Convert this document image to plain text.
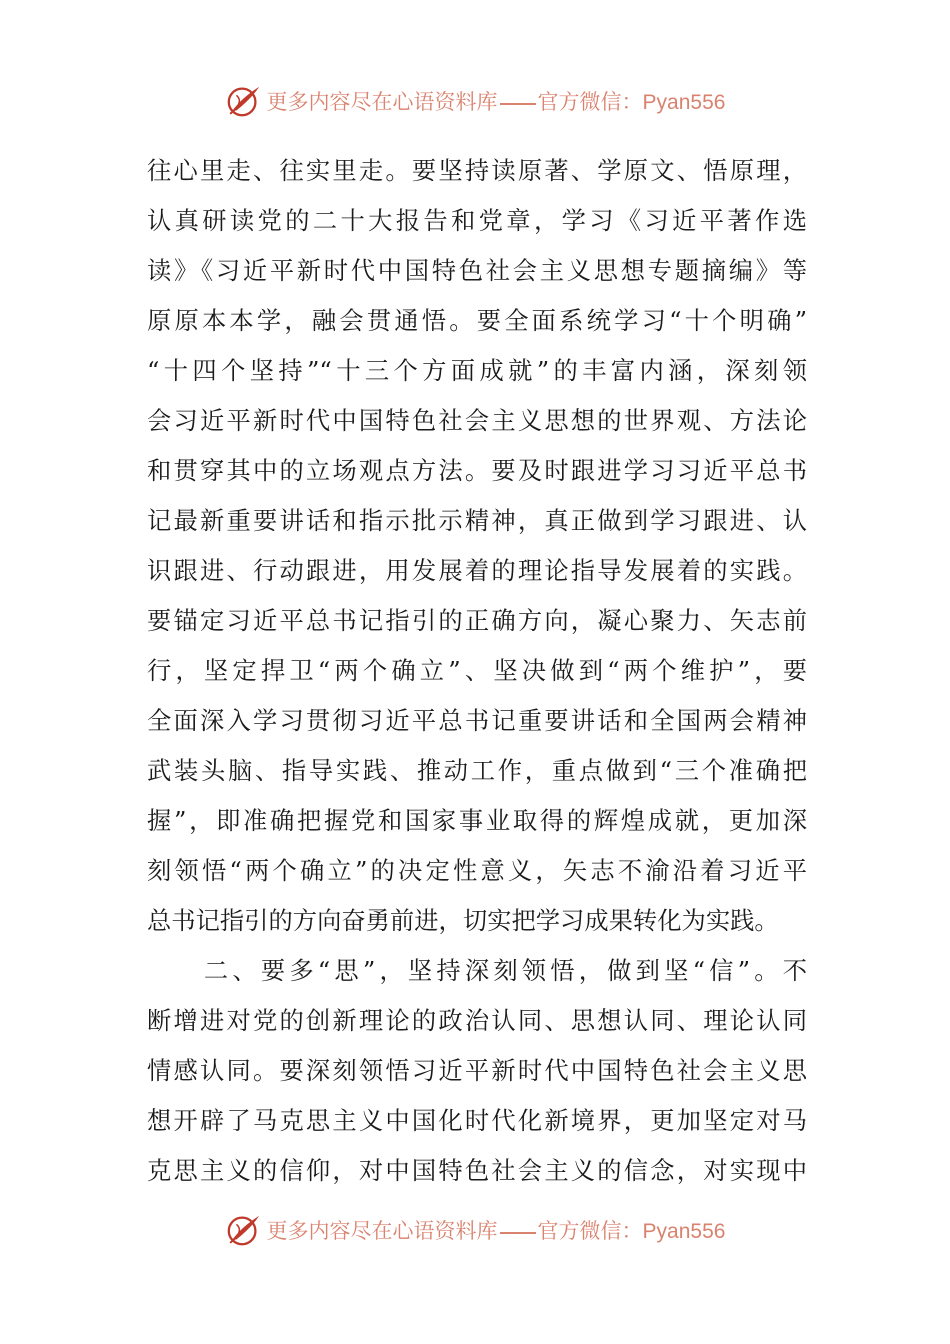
更多内容尽在心语资料库 官方微信：Pyan556
往心里走、往实里走。要坚持读原著、学原文、悟原理，
认真研读党的二十大报告和党章，学习《习近平著作选
读》《习近平新时代中国特色社会主义思想专题摘编》等
原原本本学，融会贯通悟。要全面系统学习“十个明确”
“十四个坚持”“十三个方面成就”的丰富内涵，深刻领
会习近平新时代中国特色社会主义思想的世界观、方法论
和贯穿其中的立场观点方法。要及时跟进学习习近平总书
记最新重要讲话和指示批示精神，真正做到学习跟进、认
识跟进、行动跟进，用发展着的理论指导发展着的实践。
要锚定习近平总书记指引的正确方向，凝心聚力、矢志前
行，坚定捍卫“两个确立”、坚决做到“两个维护”，要
全面深入学习贯彻习近平总书记重要讲话和全国两会精神
武装头脑、指导实践、推动工作，重点做到“三个准确把
握”，即准确把握党和国家事业取得的辉煌成就，更加深
刻领悟“两个确立”的决定性意义，矢志不渝沿着习近平
总书记指引的方向奋勇前进，切实把学习成果转化为实践。
　　二、要多“思”，坚持深刻领悟，做到坚“信”。不
断增进对党的创新理论的政治认同、思想认同、理论认同
情感认同。要深刻领悟习近平新时代中国特色社会主义思
想开辟了马克思主义中国化时代化新境界，更加坚定对马
克思主义的信仰，对中国特色社会主义的信念，对实现中
更多内容尽在心语资料库 官方微信：Pyan556
